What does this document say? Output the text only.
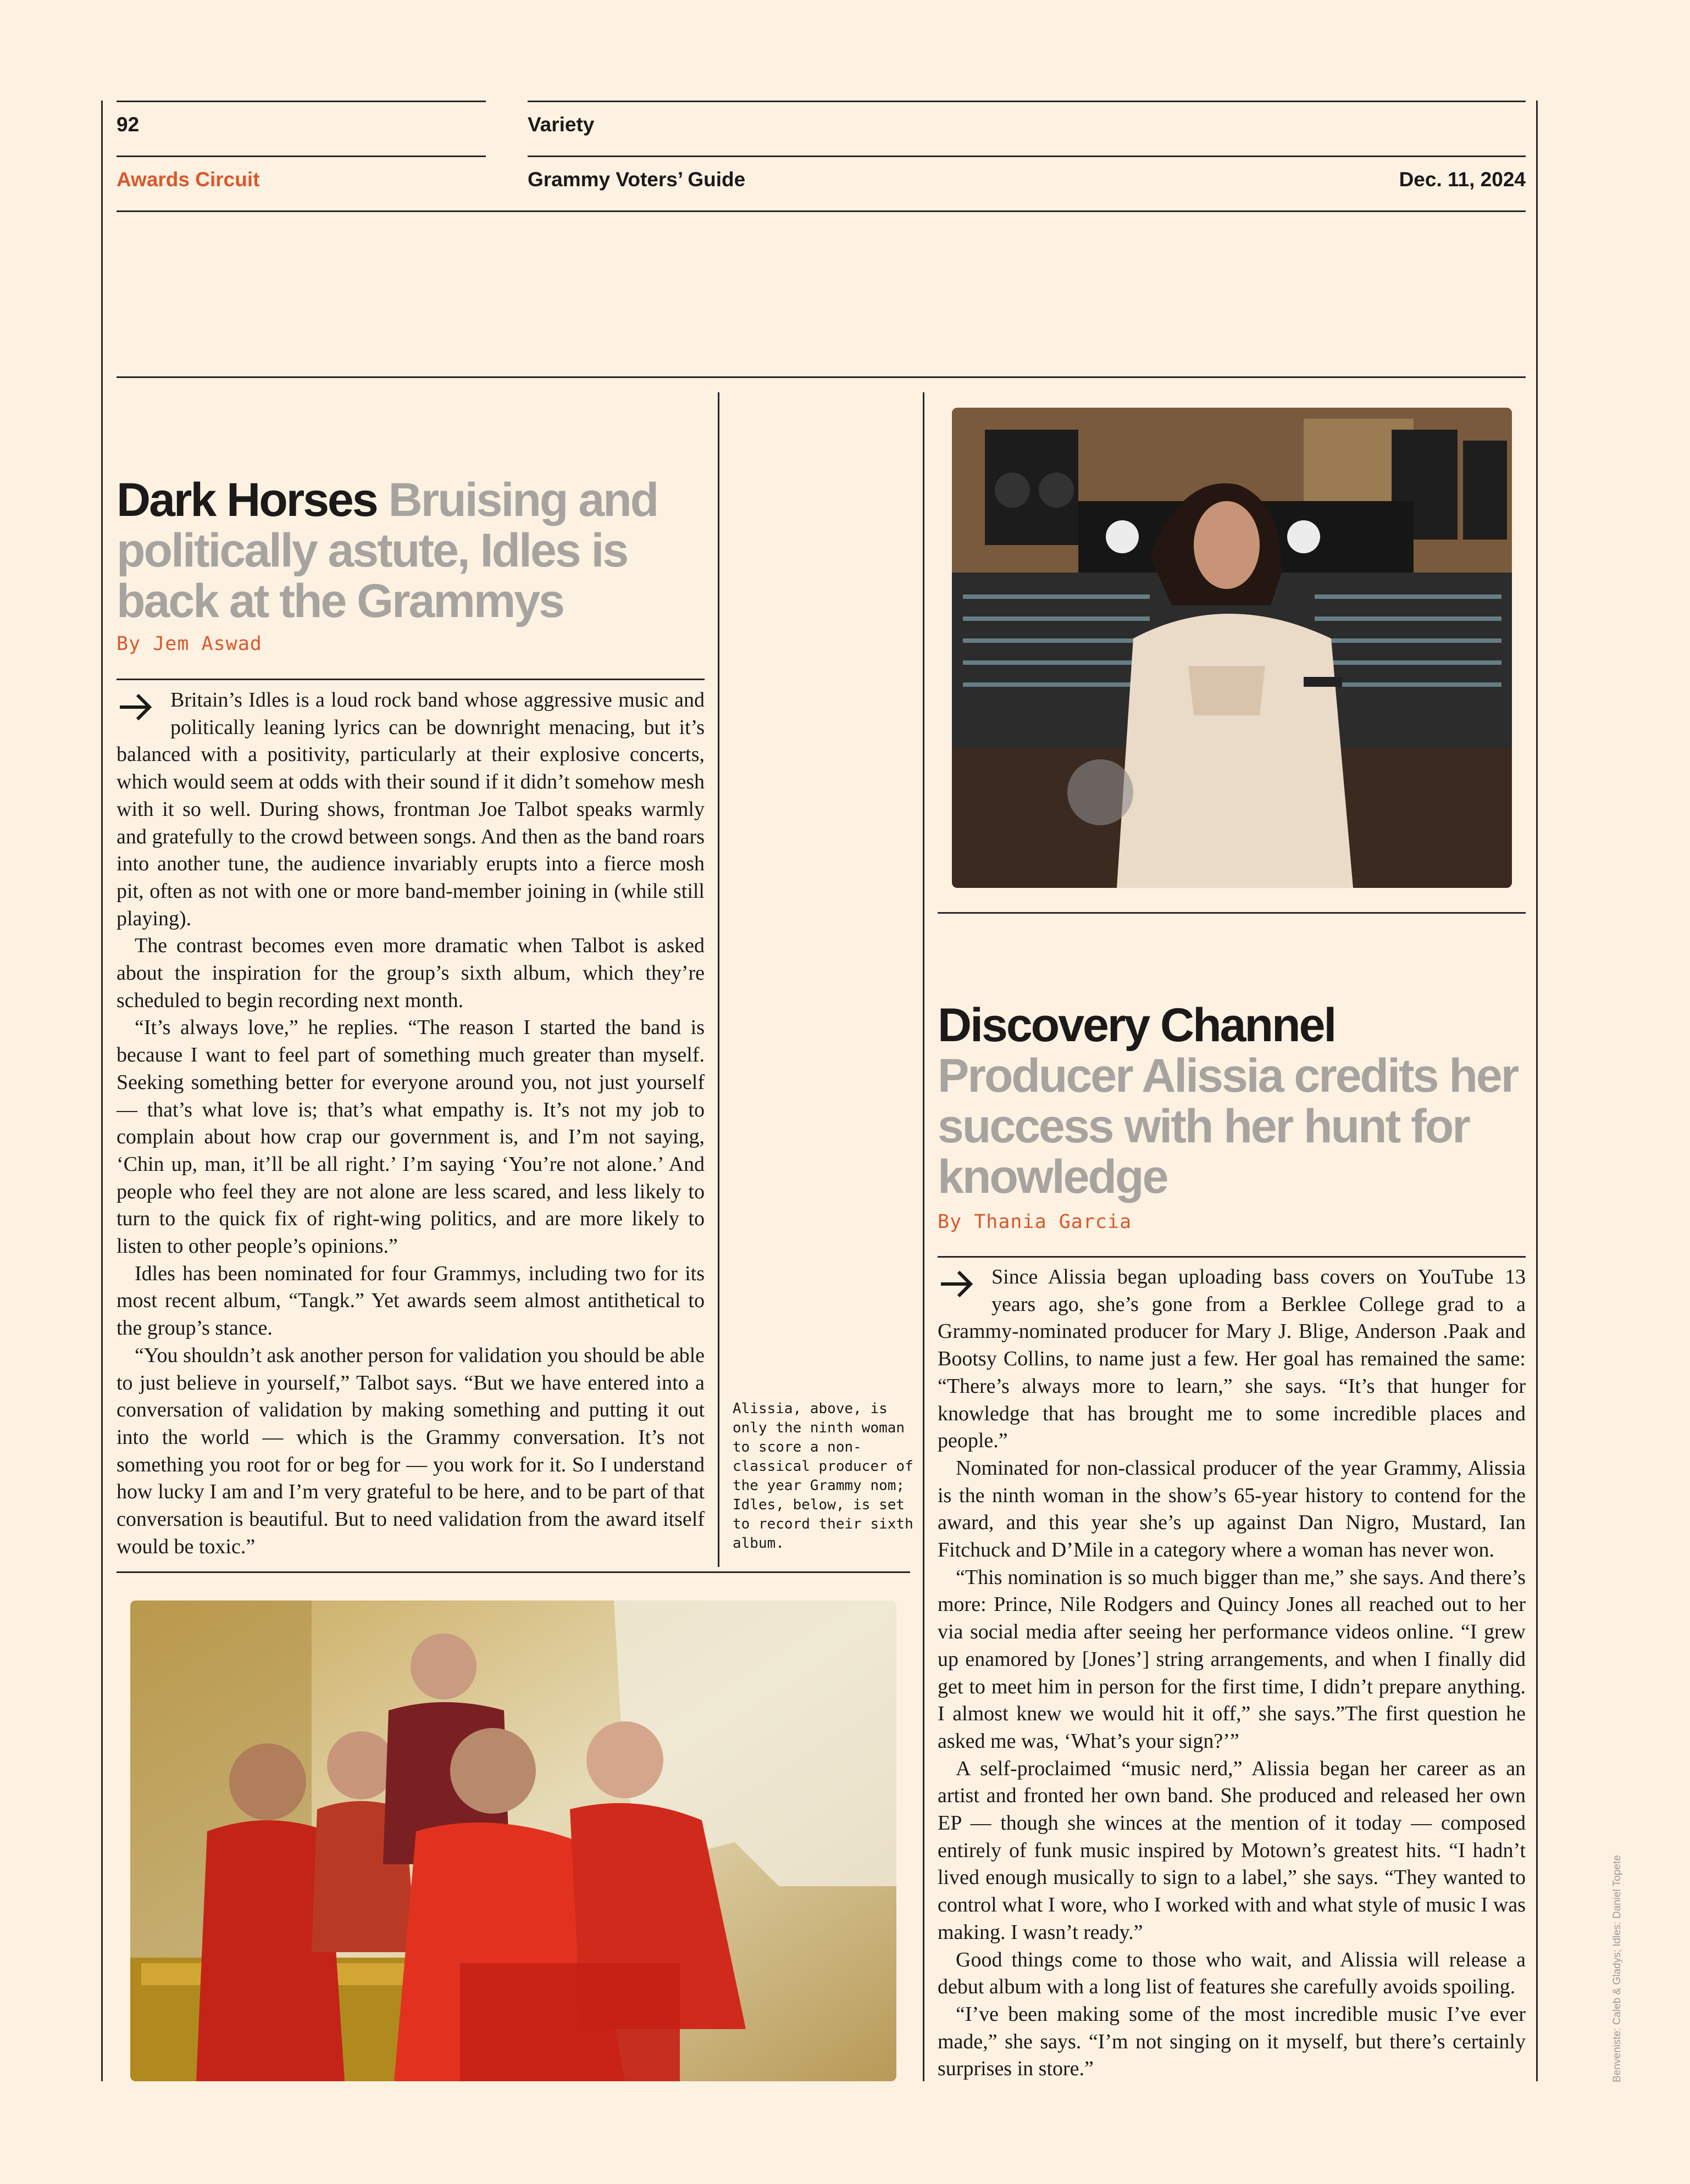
92	Variety
Awards Circuit	Grammy Voters’ Guide	Dec. 11, 2024
Dark Horses Bruising and politically astute, Idles is back at the Grammys
By Jem Aswad

Britain’s Idles is a loud rock band whose aggressive music and politically leaning lyrics can be downright menacing, but it’s balanced with a positivity, particularly at their explosive concerts, which would seem at odds with their sound if it didn’t somehow mesh with it so well. During shows, frontman Joe Talbot speaks warmly and gratefully to the crowd between songs. And then as the band roars into another tune, the audience invariably erupts into a fierce mosh pit, often as not with one or more band-member joining in (while still playing).

The contrast becomes even more dramatic when Talbot is asked about the inspiration for the group’s sixth album, which they’re scheduled to begin recording next month.

“It’s always love,” he replies. “The reason I started the band is because I want to feel part of something much greater than myself. Seeking something better for everyone around you, not just yourself — that’s what love is; that’s what empathy is. It’s not my job to complain about how crap our government is, and I’m not saying, ‘Chin up, man, it’ll be all right.’ I’m saying ‘You’re not alone.’ And people who feel they are not alone are less scared, and less likely to turn to the quick fix of right-wing politics, and are more likely to listen to other people’s opinions.”

Idles has been nominated for four Grammys, including two for its most recent album, “Tangk.” Yet awards seem almost antithetical to the group’s stance.

“You shouldn’t ask another person for validation you should be able to just believe in yourself,” Talbot says. “But we have entered into a conversation of validation by making something and putting it out into the world — which is the Grammy conversation. It’s not something you root for or beg for — you work for it. So I understand how lucky I am and I’m very grateful to be here, and to be part of that conversation is beautiful. But to need validation from the award itself would be toxic.”

Alissia, above, is only the ninth woman to score a non-classical producer of the year Grammy nom; Idles, below, is set to record their sixth album.
Discovery Channel
Producer Alissia credits her success with her hunt for knowledge
By Thania Garcia

Since Alissia began uploading bass covers on YouTube 13 years ago, she’s gone from a Berklee College grad to a Grammy-nominated producer for Mary J. Blige, Anderson .Paak and Bootsy Collins, to name just a few. Her goal has remained the same: “There’s always more to learn,” she says. “It’s that hunger for knowledge that has brought me to some incredible places and people.”

Nominated for non-classical producer of the year Grammy, Alissia is the ninth woman in the show’s 65-year history to contend for the award, and this year she’s up against Dan Nigro, Mustard, Ian Fitchuck and D’Mile in a category where a woman has never won.

“This nomination is so much bigger than me,” she says. And there’s more: Prince, Nile Rodgers and Quincy Jones all reached out to her via social media after seeing her performance videos online. “I grew up enamored by [Jones’] string arrangements, and when I finally did get to meet him in person for the first time, I didn’t prepare anything. I almost knew we would hit it off,” she says.”The first question he asked me was, ‘What’s your sign?’”

A self-proclaimed “music nerd,” Alissia began her career as an artist and fronted her own band. She produced and released her own EP — though she winces at the mention of it today — composed entirely of funk music inspired by Motown’s greatest hits. “I hadn’t lived enough musically to sign to a label,” she says. “They wanted to control what I wore, who I worked with and what style of music I was making. I wasn’t ready.”

Good things come to those who wait, and Alissia will release a debut album with a long list of features she carefully avoids spoiling.

“I’ve been making some of the most incredible music I’ve ever made,” she says. “I’m not singing on it myself, but there’s certainly surprises in store.”	Benveniste: Caleb & Gladys; Idles: Daniel Topete
